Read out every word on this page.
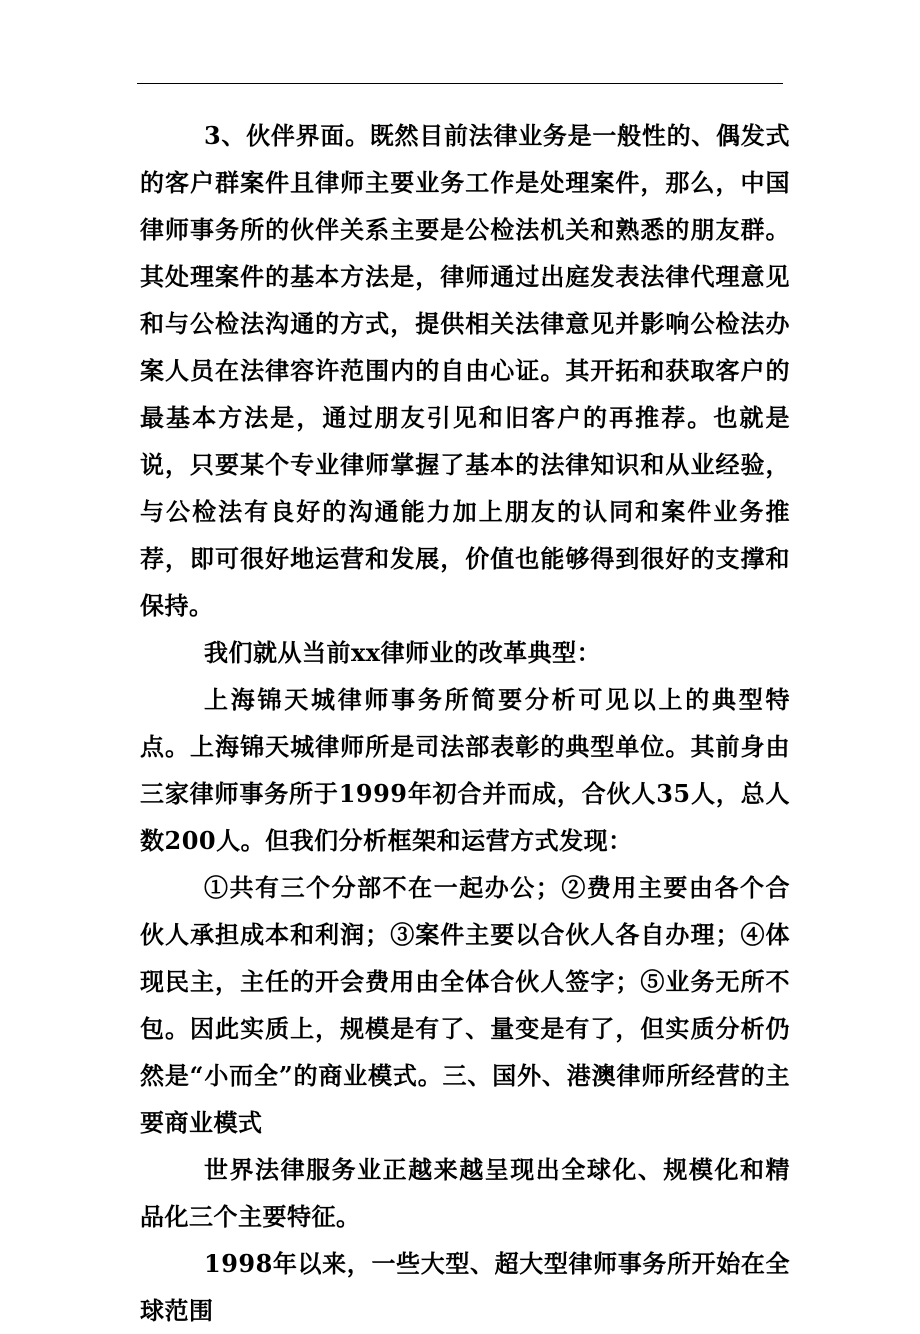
3、伙伴界面。既然目前法律业务是一般性的、偶发式的客户群案件且律师主要业务工作是处理案件，那么，中国律师事务所的伙伴关系主要是公检法机关和熟悉的朋友群。其处理案件的基本方法是，律师通过出庭发表法律代理意见和与公检法沟通的方式，提供相关法律意见并影响公检法办案人员在法律容许范围内的自由心证。其开拓和获取客户的最基本方法是，通过朋友引见和旧客户的再推荐。也就是说，只要某个专业律师掌握了基本的法律知识和从业经验，与公检法有良好的沟通能力加上朋友的认同和案件业务推荐，即可很好地运营和发展，价值也能够得到很好的支撑和保持。

我们就从当前xx律师业的改革典型：

上海锦天城律师事务所简要分析可见以上的典型特点。上海锦天城律师所是司法部表彰的典型单位。其前身由三家律师事务所于1999年初合并而成，合伙人35人，总人数200人。但我们分析框架和运营方式发现：

①共有三个分部不在一起办公；②费用主要由各个合伙人承担成本和利润；③案件主要以合伙人各自办理；④体现民主，主任的开会费用由全体合伙人签字；⑤业务无所不包。因此实质上，规模是有了、量变是有了，但实质分析仍然是“小而全”的商业模式。三、国外、港澳律师所经营的主要商业模式

世界法律服务业正越来越呈现出全球化、规模化和精品化三个主要特征。

1998年以来，一些大型、超大型律师事务所开始在全球范围
